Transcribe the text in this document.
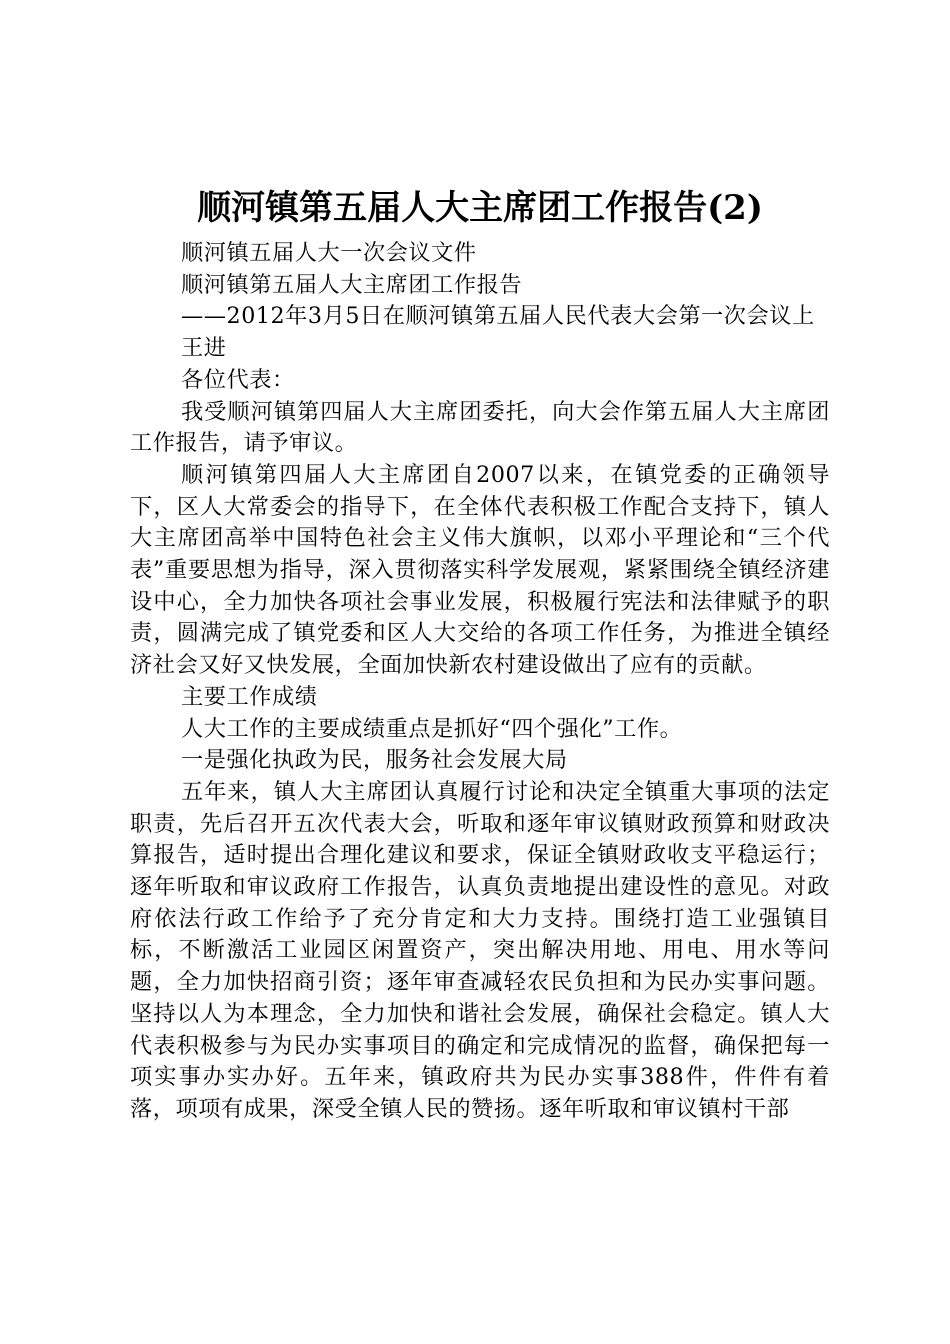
顺河镇第五届人大主席团工作报告(2)

顺河镇五届人大一次会议文件

顺河镇第五届人大主席团工作报告

——2012年3月5日在顺河镇第五届人民代表大会第一次会议上

王进

各位代表：

我受顺河镇第四届人大主席团委托，向大会作第五届人大主席团工作报告，请予审议。

顺河镇第四届人大主席团自2007以来，在镇党委的正确领导下，区人大常委会的指导下，在全体代表积极工作配合支持下，镇人大主席团高举中国特色社会主义伟大旗帜，以邓小平理论和“三个代表”重要思想为指导，深入贯彻落实科学发展观，紧紧围绕全镇经济建设中心，全力加快各项社会事业发展，积极履行宪法和法律赋予的职责，圆满完成了镇党委和区人大交给的各项工作任务，为推进全镇经济社会又好又快发展，全面加快新农村建设做出了应有的贡献。

主要工作成绩

人大工作的主要成绩重点是抓好“四个强化”工作。

一是强化执政为民，服务社会发展大局

五年来，镇人大主席团认真履行讨论和决定全镇重大事项的法定职责，先后召开五次代表大会，听取和逐年审议镇财政预算和财政决算报告，适时提出合理化建议和要求，保证全镇财政收支平稳运行；逐年听取和审议政府工作报告，认真负责地提出建设性的意见。对政府依法行政工作给予了充分肯定和大力支持。围绕打造工业强镇目标，不断激活工业园区闲置资产，突出解决用地、用电、用水等问题，全力加快招商引资；逐年审查减轻农民负担和为民办实事问题。坚持以人为本理念，全力加快和谐社会发展，确保社会稳定。镇人大代表积极参与为民办实事项目的确定和完成情况的监督，确保把每一项实事办实办好。五年来，镇政府共为民办实事388件，件件有着落，项项有成果，深受全镇人民的赞扬。逐年听取和审议镇村干部
